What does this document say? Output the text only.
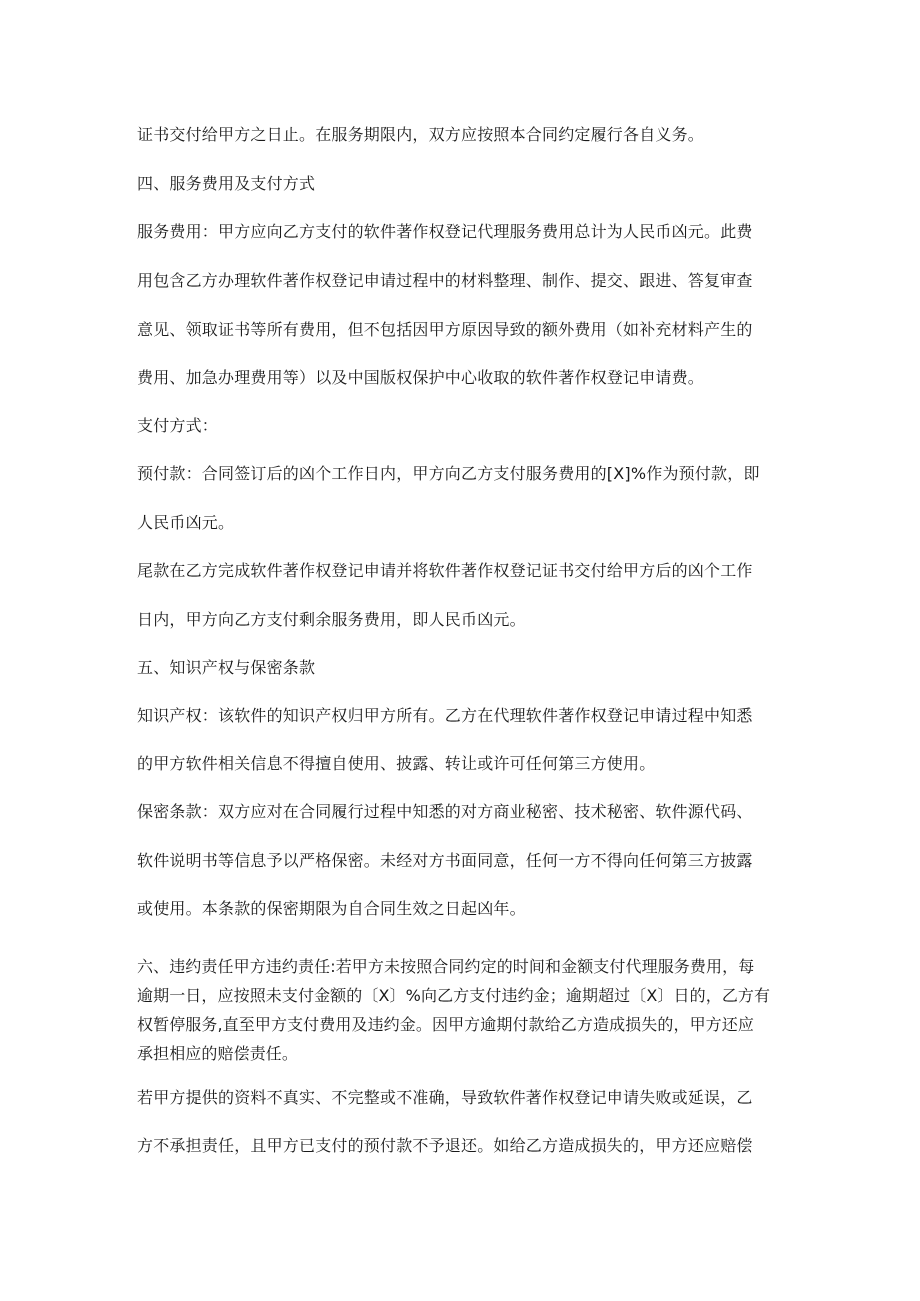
证书交付给甲方之日止。在服务期限内，双方应按照本合同约定履行各自义务。
四、服务费用及支付方式
服务费用：甲方应向乙方支付的软件著作权登记代理服务费用总计为人民币凶元。此费
用包含乙方办理软件著作权登记申请过程中的材料整理、制作、提交、跟进、答复审查
意见、领取证书等所有费用，但不包括因甲方原因导致的额外费用（如补充材料产生的
费用、加急办理费用等）以及中国版权保护中心收取的软件著作权登记申请费。
支付方式：
预付款：合同签订后的凶个工作日内，甲方向乙方支付服务费用的[X]%作为预付款，即
人民币凶元。
尾款在乙方完成软件著作权登记申请并将软件著作权登记证书交付给甲方后的凶个工作
日内，甲方向乙方支付剩余服务费用，即人民币凶元。
五、知识产权与保密条款
知识产权：该软件的知识产权归甲方所有。乙方在代理软件著作权登记申请过程中知悉
的甲方软件相关信息不得擅自使用、披露、转让或许可任何第三方使用。
保密条款：双方应对在合同履行过程中知悉的对方商业秘密、技术秘密、软件源代码、
软件说明书等信息予以严格保密。未经对方书面同意，任何一方不得向任何第三方披露
或使用。本条款的保密期限为自合同生效之日起凶年。
六、违约责任甲方违约责任:若甲方未按照合同约定的时间和金额支付代理服务费用，每
逾期一日，应按照未支付金额的〔X〕%向乙方支付违约金；逾期超过〔X〕日的，乙方有
权暂停服务,直至甲方支付费用及违约金。因甲方逾期付款给乙方造成损失的，甲方还应
承担相应的赔偿责任。
若甲方提供的资料不真实、不完整或不准确，导致软件著作权登记申请失败或延误，乙
方不承担责任，且甲方已支付的预付款不予退还。如给乙方造成损失的，甲方还应赔偿
